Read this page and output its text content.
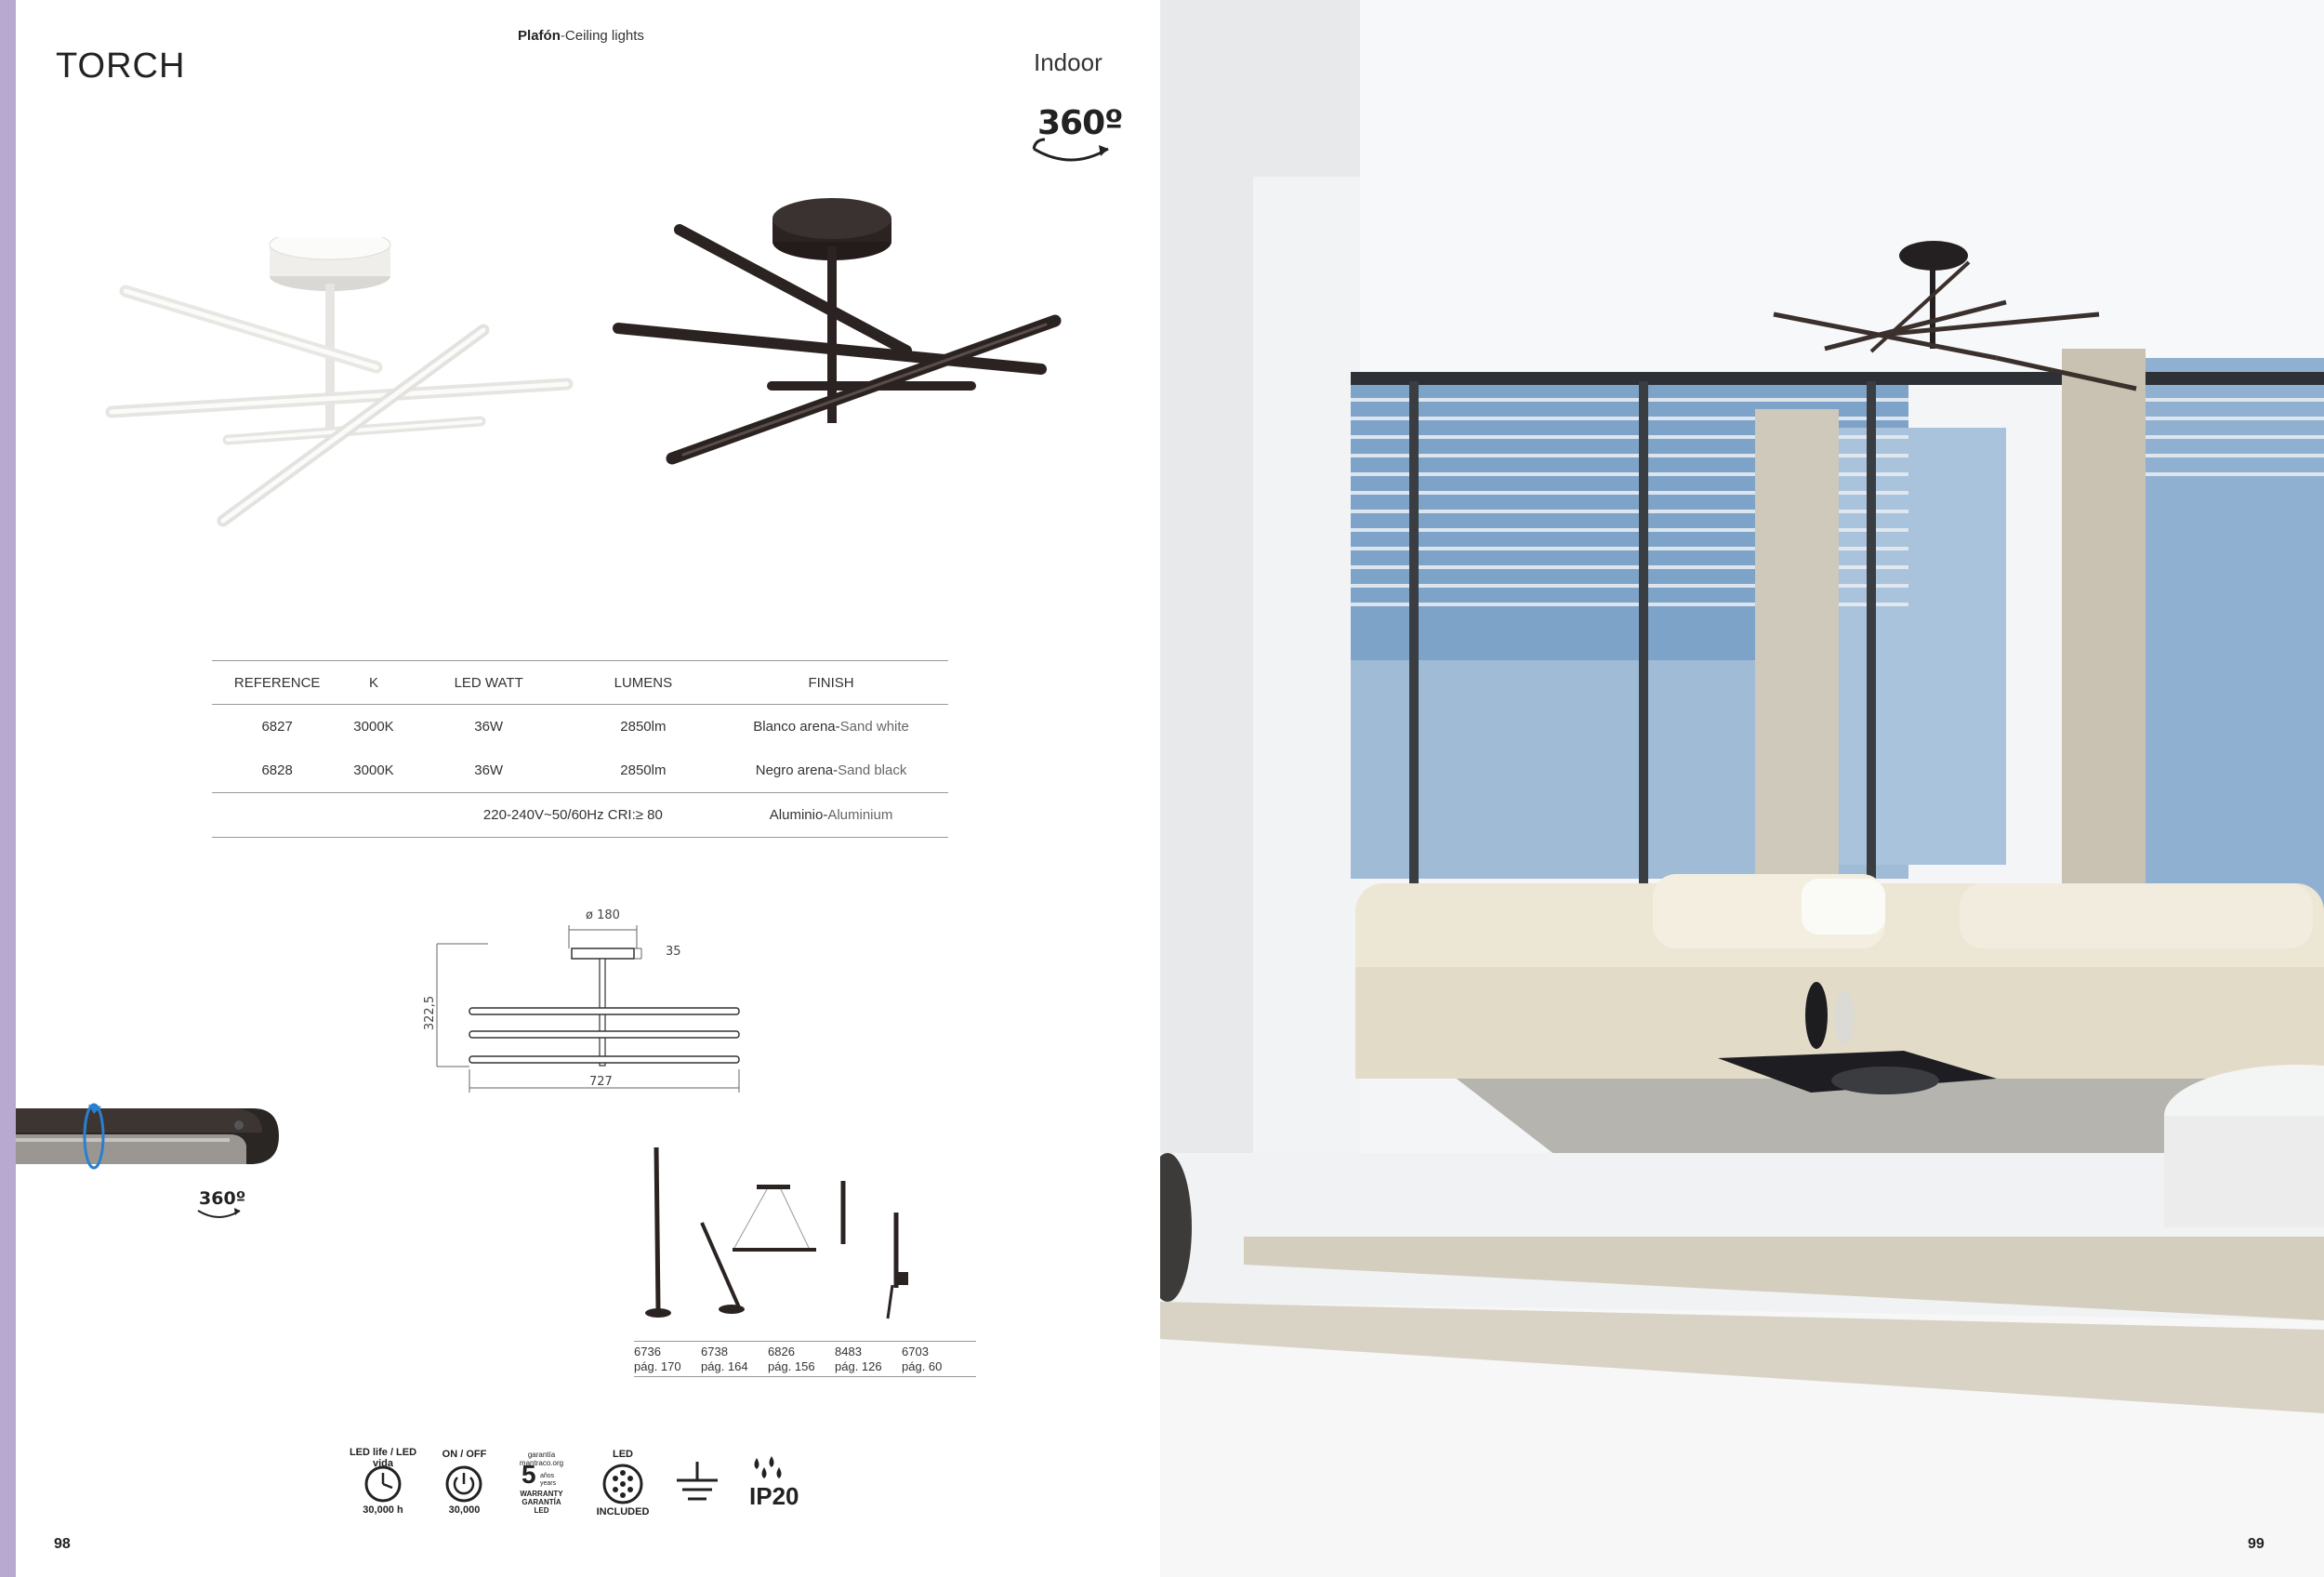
Plafón-Ceiling lights
TORCH	Indoor
360º
REFERENCE	K	LED WATT	LUMENS	FINISH
6827	3000K	36W	2850lm	Blanco arena-Sand white
6828	3000K	36W	2850lm	Negro arena-Sand black
		220-240V~50/60Hz CRI:≥ 80		Aluminio-Aluminium
ø 180
35
322,5
727
360º
6736
pág. 170
6738
pág. 164
6826
pág. 156
8483
pág. 126
6703
pág. 60
LED life / LED vida
30,000 h
ON / OFF
30,000
garantía mantraco.org
5 años years
WARRANTY
GARANTÍA
LED
LED
INCLUDED
IP20
98	99
